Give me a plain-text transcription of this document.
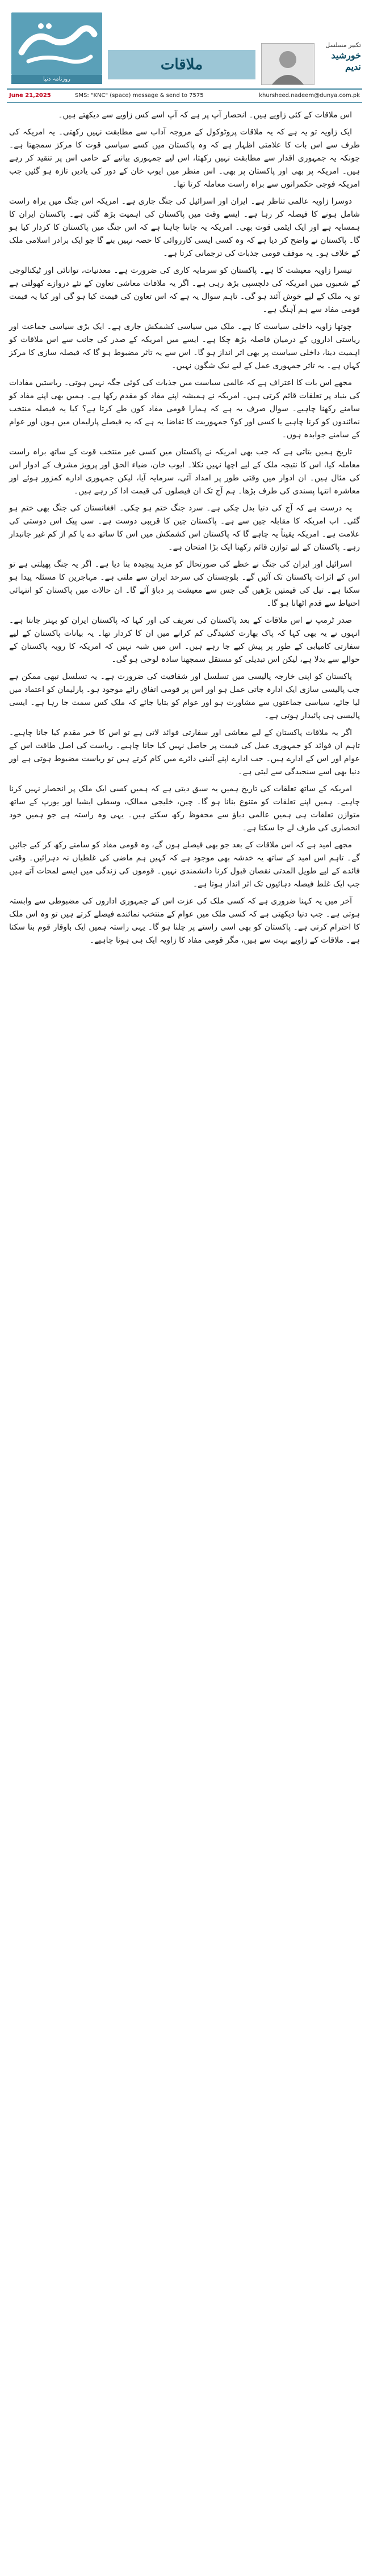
روزنامہ دنیا
ملاقات
تکبیر مسلسل
خورشید ندیم
June 21,2025	SMS: "KNC" (space) message & send to 7575	khursheed.nadeem@dunya.com.pk

اس ملاقات کے کئی زاویے ہیں۔ انحصار آپ پر ہے کہ آپ اسے کس زاویے سے دیکھتے ہیں۔

ایک زاویہ تو یہ ہے کہ یہ ملاقات پروٹوکول کے مروجہ آداب سے مطابقت نہیں رکھتی۔ یہ امریکہ کی طرف سے اس بات کا علامتی اظہار ہے کہ وہ پاکستان میں کسے سیاسی قوت کا مرکز سمجھتا ہے۔ چونکہ یہ جمہوری اقدار سے مطابقت نہیں رکھتا، اس لیے جمہوری بیانیے کے حامی اس پر تنقید کر رہے ہیں۔ امریکہ پر بھی اور پاکستان پر بھی۔ اس منظر میں ایوب خان کے دور کی یادیں تازہ ہو گئیں جب امریکہ فوجی حکمرانوں سے براہ راست معاملہ کرتا تھا۔

دوسرا زاویہ عالمی تناظر ہے۔ ایران اور اسرائیل کی جنگ جاری ہے۔ امریکہ اس جنگ میں براہ راست شامل ہونے کا فیصلہ کر رہا ہے۔ ایسے وقت میں پاکستان کی اہمیت بڑھ گئی ہے۔ پاکستان ایران کا ہمسایہ ہے اور ایک ایٹمی قوت بھی۔ امریکہ یہ جاننا چاہتا ہے کہ اس جنگ میں پاکستان کا کردار کیا ہو گا۔ پاکستان نے واضح کر دیا ہے کہ وہ کسی ایسی کارروائی کا حصہ نہیں بنے گا جو ایک برادر اسلامی ملک کے خلاف ہو۔ یہ موقف قومی جذبات کی ترجمانی کرتا ہے۔

تیسرا زاویہ معیشت کا ہے۔ پاکستان کو سرمایہ کاری کی ضرورت ہے۔ معدنیات، توانائی اور ٹیکنالوجی کے شعبوں میں امریکہ کی دلچسپی بڑھ رہی ہے۔ اگر یہ ملاقات معاشی تعاون کے نئے دروازے کھولتی ہے تو یہ ملک کے لیے خوش آئند ہو گی۔ تاہم سوال یہ ہے کہ اس تعاون کی قیمت کیا ہو گی اور کیا یہ قیمت قومی مفاد سے ہم آہنگ ہے۔

چوتھا زاویہ داخلی سیاست کا ہے۔ ملک میں سیاسی کشمکش جاری ہے۔ ایک بڑی سیاسی جماعت اور ریاستی اداروں کے درمیان فاصلہ بڑھ چکا ہے۔ ایسے میں امریکہ کے صدر کی جانب سے اس ملاقات کو اہمیت دینا، داخلی سیاست پر بھی اثر انداز ہو گا۔ اس سے یہ تاثر مضبوط ہو گا کہ فیصلہ سازی کا مرکز کہاں ہے۔ یہ تاثر جمہوری عمل کے لیے نیک شگون نہیں۔

مجھے اس بات کا اعتراف ہے کہ عالمی سیاست میں جذبات کی کوئی جگہ نہیں ہوتی۔ ریاستیں مفادات کی بنیاد پر تعلقات قائم کرتی ہیں۔ امریکہ نے ہمیشہ اپنے مفاد کو مقدم رکھا ہے۔ ہمیں بھی اپنے مفاد کو سامنے رکھنا چاہیے۔ سوال صرف یہ ہے کہ ہمارا قومی مفاد کون طے کرتا ہے؟ کیا یہ فیصلہ منتخب نمائندوں کو کرنا چاہیے یا کسی اور کو؟ جمہوریت کا تقاضا یہ ہے کہ یہ فیصلے پارلیمان میں ہوں اور عوام کے سامنے جوابدہ ہوں۔

تاریخ ہمیں بتاتی ہے کہ جب بھی امریکہ نے پاکستان میں کسی غیر منتخب قوت کے ساتھ براہ راست معاملہ کیا، اس کا نتیجہ ملک کے لیے اچھا نہیں نکلا۔ ایوب خان، ضیاء الحق اور پرویز مشرف کے ادوار اس کی مثال ہیں۔ ان ادوار میں وقتی طور پر امداد آئی، سرمایہ آیا، لیکن جمہوری ادارے کمزور ہوئے اور معاشرہ انتہا پسندی کی طرف بڑھا۔ ہم آج تک ان فیصلوں کی قیمت ادا کر رہے ہیں۔

یہ درست ہے کہ آج کی دنیا بدل چکی ہے۔ سرد جنگ ختم ہو چکی۔ افغانستان کی جنگ بھی ختم ہو گئی۔ اب امریکہ کا مقابلہ چین سے ہے۔ پاکستان چین کا قریبی دوست ہے۔ سی پیک اس دوستی کی علامت ہے۔ امریکہ یقیناً یہ چاہے گا کہ پاکستان اس کشمکش میں اس کا ساتھ دے یا کم از کم غیر جانبدار رہے۔ پاکستان کے لیے توازن قائم رکھنا ایک بڑا امتحان ہے۔

اسرائیل اور ایران کی جنگ نے خطے کی صورتحال کو مزید پیچیدہ بنا دیا ہے۔ اگر یہ جنگ پھیلتی ہے تو اس کے اثرات پاکستان تک آئیں گے۔ بلوچستان کی سرحد ایران سے ملتی ہے۔ مہاجرین کا مسئلہ پیدا ہو سکتا ہے۔ تیل کی قیمتیں بڑھیں گی جس سے معیشت پر دباؤ آئے گا۔ ان حالات میں پاکستان کو انتہائی احتیاط سے قدم اٹھانا ہو گا۔

صدر ٹرمپ نے اس ملاقات کے بعد پاکستان کی تعریف کی اور کہا کہ پاکستان ایران کو بہتر جانتا ہے۔ انہوں نے یہ بھی کہا کہ پاک بھارت کشیدگی کم کرانے میں ان کا کردار تھا۔ یہ بیانات پاکستان کے لیے سفارتی کامیابی کے طور پر پیش کیے جا رہے ہیں۔ اس میں شبہ نہیں کہ امریکہ کا رویہ پاکستان کے حوالے سے بدلا ہے، لیکن اس تبدیلی کو مستقل سمجھنا سادہ لوحی ہو گی۔

پاکستان کو اپنی خارجہ پالیسی میں تسلسل اور شفافیت کی ضرورت ہے۔ یہ تسلسل تبھی ممکن ہے جب پالیسی سازی ایک ادارہ جاتی عمل ہو اور اس پر قومی اتفاق رائے موجود ہو۔ پارلیمان کو اعتماد میں لیا جائے، سیاسی جماعتوں سے مشاورت ہو اور عوام کو بتایا جائے کہ ملک کس سمت جا رہا ہے۔ ایسی پالیسی ہی پائیدار ہوتی ہے۔

اگر یہ ملاقات پاکستان کے لیے معاشی اور سفارتی فوائد لاتی ہے تو اس کا خیر مقدم کیا جانا چاہیے۔ تاہم ان فوائد کو جمہوری عمل کی قیمت پر حاصل نہیں کیا جانا چاہیے۔ ریاست کی اصل طاقت اس کے عوام اور اس کے ادارے ہیں۔ جب ادارے اپنے آئینی دائرے میں کام کرتے ہیں تو ریاست مضبوط ہوتی ہے اور دنیا بھی اسے سنجیدگی سے لیتی ہے۔

امریکہ کے ساتھ تعلقات کی تاریخ ہمیں یہ سبق دیتی ہے کہ ہمیں کسی ایک ملک پر انحصار نہیں کرنا چاہیے۔ ہمیں اپنے تعلقات کو متنوع بنانا ہو گا۔ چین، خلیجی ممالک، وسطی ایشیا اور یورپ کے ساتھ متوازن تعلقات ہی ہمیں عالمی دباؤ سے محفوظ رکھ سکتے ہیں۔ یہی وہ راستہ ہے جو ہمیں خود انحصاری کی طرف لے جا سکتا ہے۔

مجھے امید ہے کہ اس ملاقات کے بعد جو بھی فیصلے ہوں گے، وہ قومی مفاد کو سامنے رکھ کر کیے جائیں گے۔ تاہم اس امید کے ساتھ یہ خدشہ بھی موجود ہے کہ کہیں ہم ماضی کی غلطیاں نہ دہرائیں۔ وقتی فائدے کے لیے طویل المدتی نقصان قبول کرنا دانشمندی نہیں۔ قوموں کی زندگی میں ایسے لمحات آتے ہیں جب ایک غلط فیصلہ دہائیوں تک اثر انداز ہوتا ہے۔

آخر میں یہ کہنا ضروری ہے کہ کسی ملک کی عزت اس کے جمہوری اداروں کی مضبوطی سے وابستہ ہوتی ہے۔ جب دنیا دیکھتی ہے کہ کسی ملک میں عوام کے منتخب نمائندے فیصلے کرتے ہیں تو وہ اس ملک کا احترام کرتی ہے۔ پاکستان کو بھی اسی راستے پر چلنا ہو گا۔ یہی راستہ ہمیں ایک باوقار قوم بنا سکتا ہے۔ ملاقات کے زاویے بہت سے ہیں، مگر قومی مفاد کا زاویہ ایک ہی ہونا چاہیے۔
